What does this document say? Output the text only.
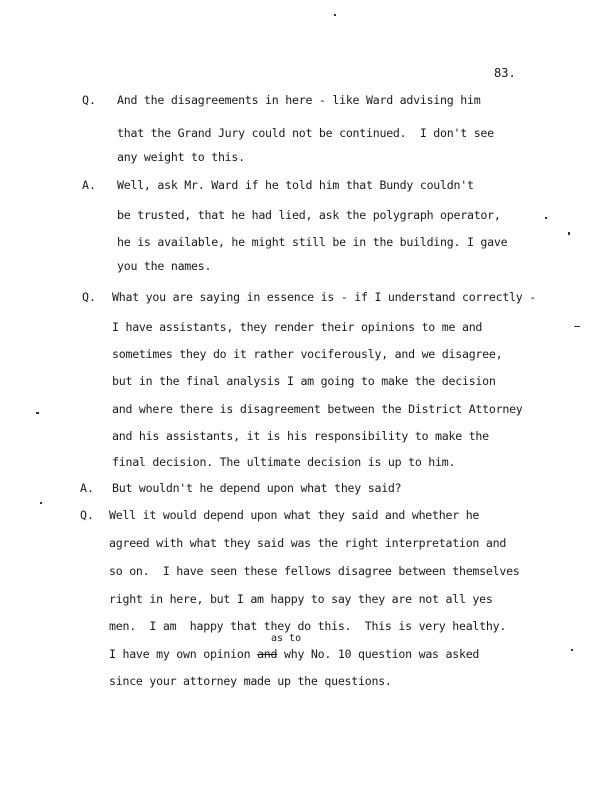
83.
Q. And the disagreements in here - like Ward advising him
that the Grand Jury could not be continued.  I don't see
any weight to this.
A. Well, ask Mr. Ward if he told him that Bundy couldn't
be trusted, that he had lied, ask the polygraph operator,
he is available, he might still be in the building. I gave
you the names.
Q. What you are saying in essence is - if I understand correctly -
I have assistants, they render their opinions to me and
sometimes they do it rather vociferously, and we disagree,
but in the final analysis I am going to make the decision
and where there is disagreement between the District Attorney
and his assistants, it is his responsibility to make the
final decision. The ultimate decision is up to him.
A. But wouldn't he depend upon what they said?
Q. Well it would depend upon what they said and whether he
agreed with what they said was the right interpretation and
so on.  I have seen these fellows disagree between themselves
right in here, but I am happy to say they are not all yes
men.  I am  happy that they do this.  This is very healthy.
as to
I have my own opinion and why No. 10 question was asked
since your attorney made up the questions.
